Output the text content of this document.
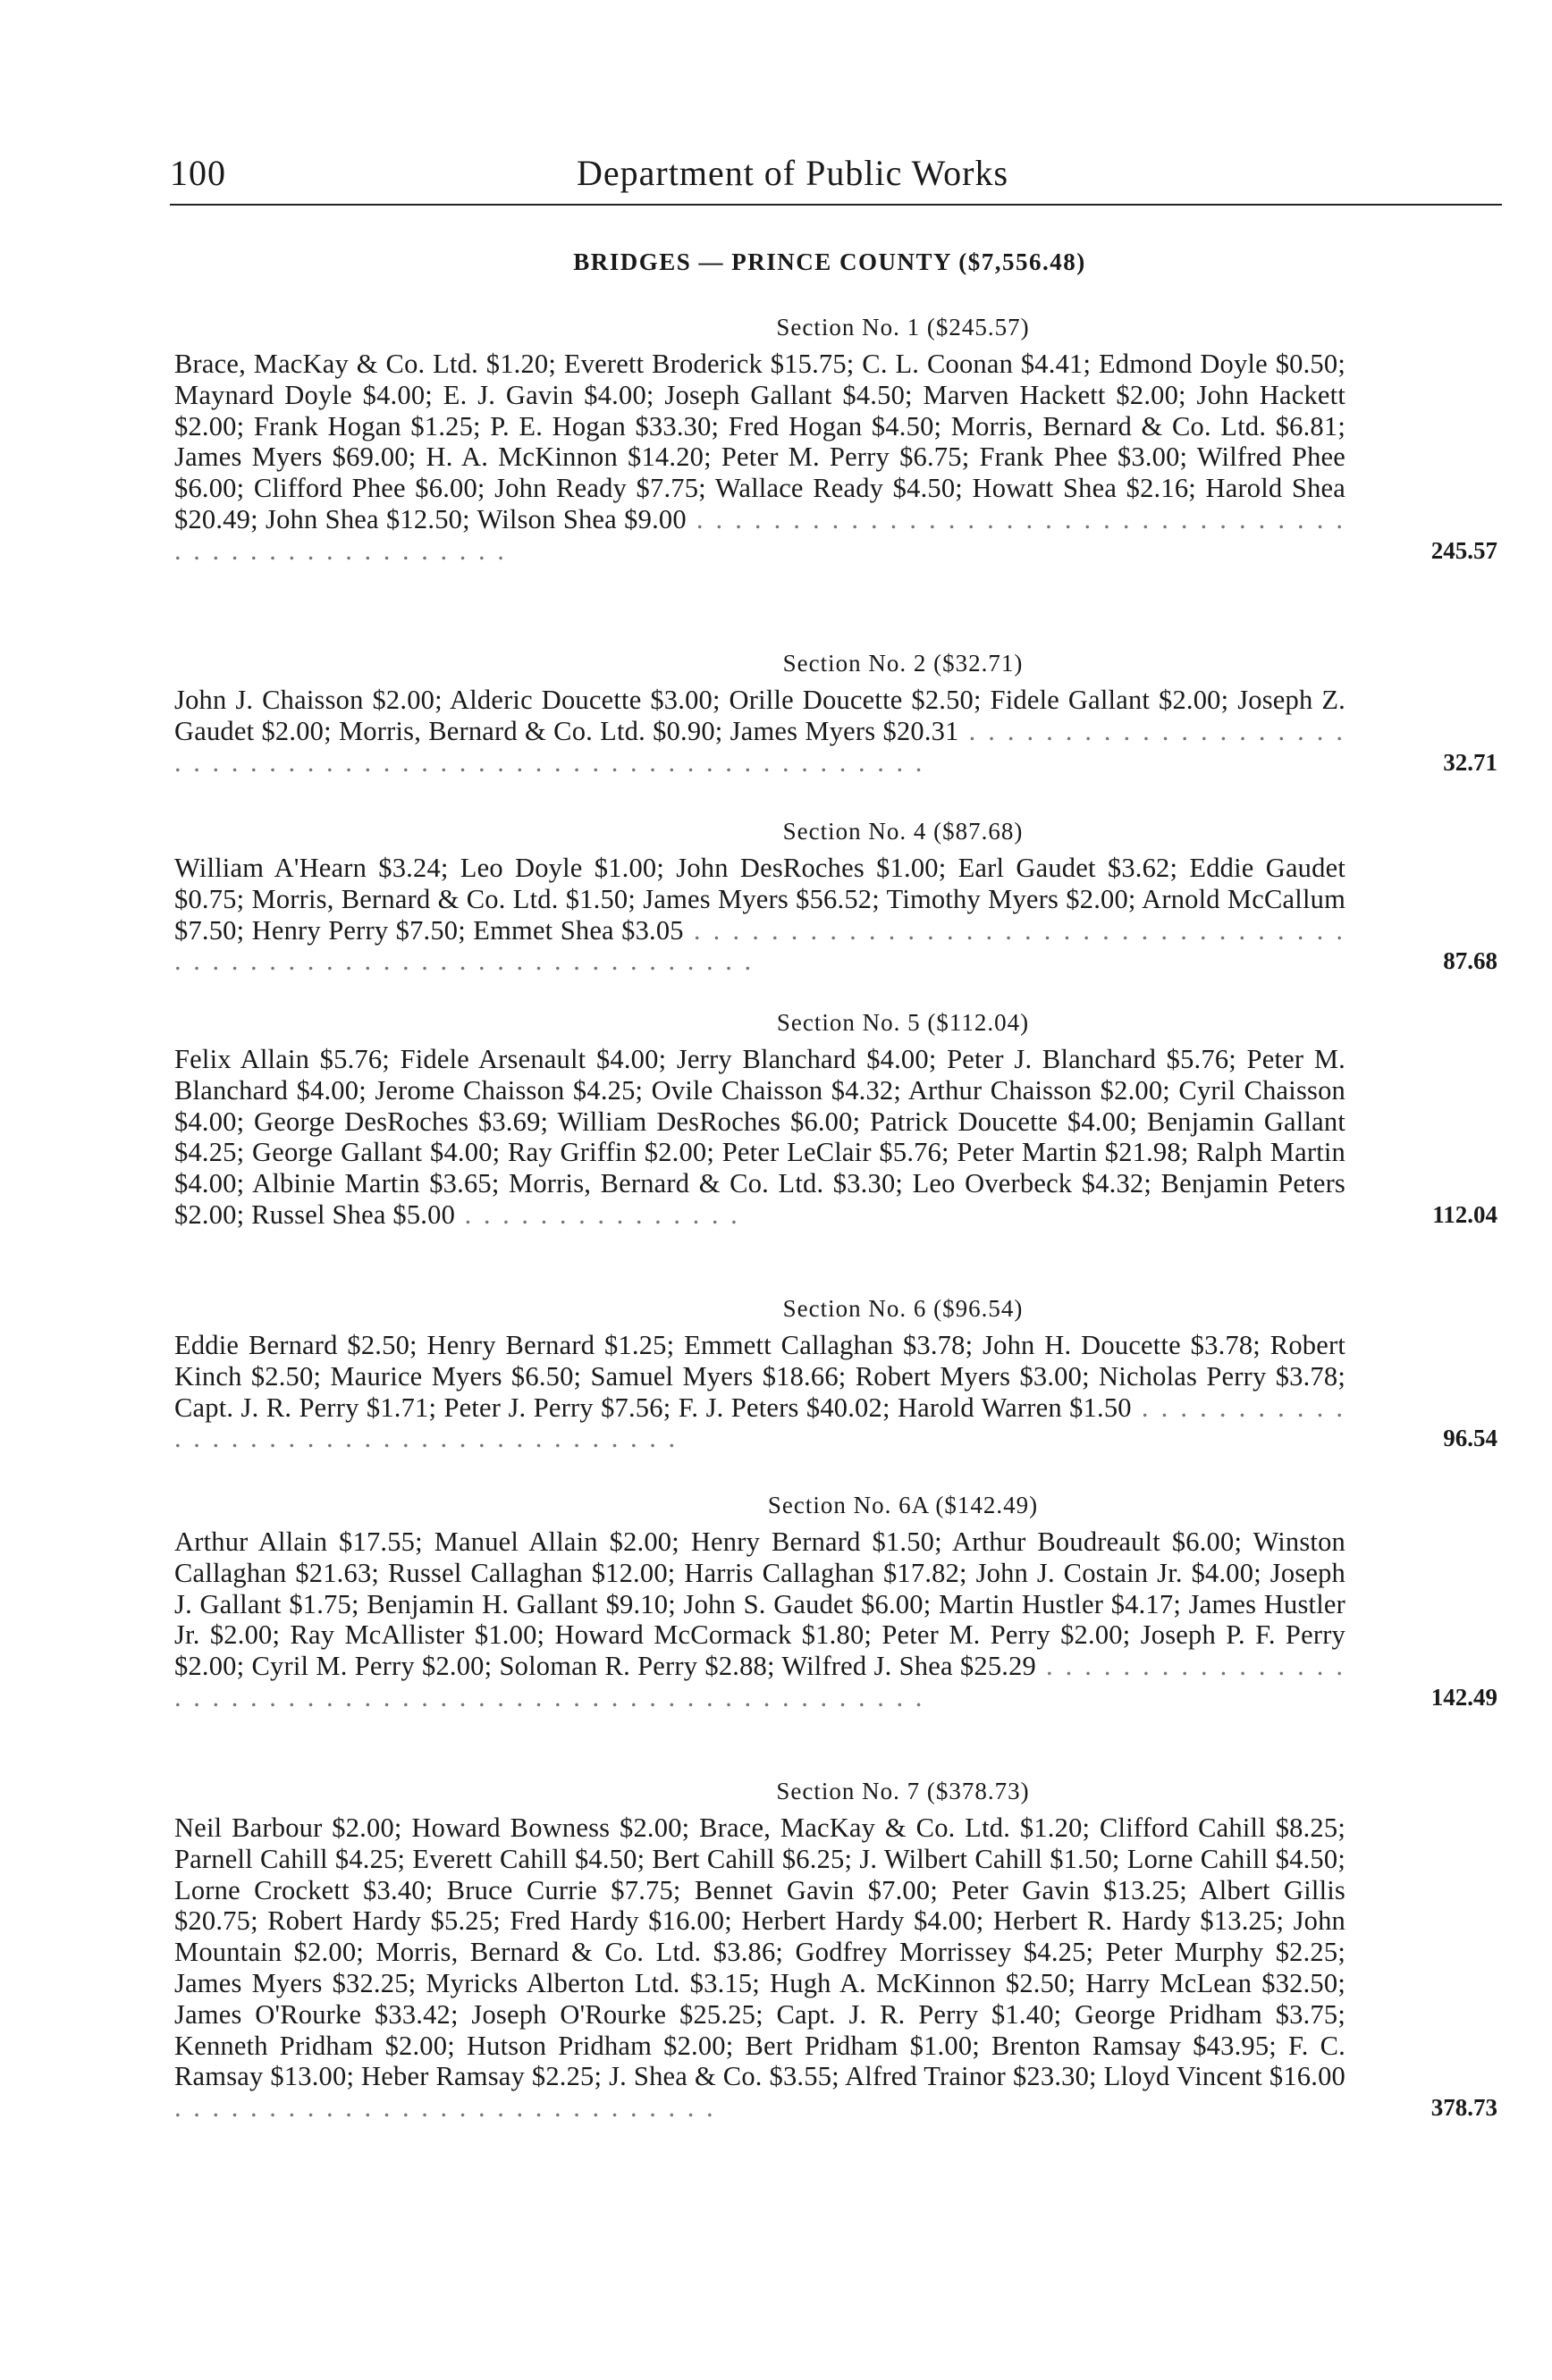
100	Department of Public Works
BRIDGES — PRINCE COUNTY ($7,556.48)
Section No. 1 ($245.57)
Brace, MacKay & Co. Ltd. $1.20; Everett Broderick $15.75; C. L. Coonan $4.41; Edmond Doyle $0.50; Maynard Doyle $4.00; E. J. Gavin $4.00; Joseph Gallant $4.50; Marven Hackett $2.00; John Hackett $2.00; Frank Hogan $1.25; P. E. Hogan $33.30; Fred Hogan $4.50; Morris, Bernard & Co. Ltd. $6.81; James Myers $69.00; H. A. McKinnon $14.20; Peter M. Perry $6.75; Frank Phee $3.00; Wilfred Phee $6.00; Clifford Phee $6.00; John Ready $7.75; Wallace Ready $4.50; Howatt Shea $2.16; Harold Shea $20.49; John Shea $12.50; Wilson Shea $9.00 . . . . . . . . . . . . . . . . . . . . . . . . . . . . . . . . . . . . . . . . . . . . . . . . . . . .	245.57
Section No. 2 ($32.71)
John J. Chaisson $2.00; Alderic Doucette $3.00; Orille Doucette $2.50; Fidele Gallant $2.00; Joseph Z. Gaudet $2.00; Morris, Bernard & Co. Ltd. $0.90; James Myers $20.31 . . . . . . . . . . . . . . . . . . . . . . . . . . . . . . . . . . . . . . . . . . . . . . . . . . . . . . . . . . . .	32.71
Section No. 4 ($87.68)
William A'Hearn $3.24; Leo Doyle $1.00; John DesRoches $1.00; Earl Gaudet $3.62; Eddie Gaudet $0.75; Morris, Bernard & Co. Ltd. $1.50; James Myers $56.52; Timothy Myers $2.00; Arnold McCallum $7.50; Henry Perry $7.50; Emmet Shea $3.05 . . . . . . . . . . . . . . . . . . . . . . . . . . . . . . . . . . . . . . . . . . . . . . . . . . . . . . . . . . . . . . . . .	87.68
Section No. 5 ($112.04)
Felix Allain $5.76; Fidele Arsenault $4.00; Jerry Blanchard $4.00; Peter J. Blanchard $5.76; Peter M. Blanchard $4.00; Jerome Chaisson $4.25; Ovile Chaisson $4.32; Arthur Chaisson $2.00; Cyril Chaisson $4.00; George DesRoches $3.69; William DesRoches $6.00; Patrick Doucette $4.00; Benjamin Gallant $4.25; George Gallant $4.00; Ray Griffin $2.00; Peter LeClair $5.76; Peter Martin $21.98; Ralph Martin $4.00; Albinie Martin $3.65; Morris, Bernard & Co. Ltd. $3.30; Leo Overbeck $4.32; Benjamin Peters $2.00; Russel Shea $5.00 . . . . . . . . . . . . . . .	112.04
Section No. 6 ($96.54)
Eddie Bernard $2.50; Henry Bernard $1.25; Emmett Callaghan $3.78; John H. Doucette $3.78; Robert Kinch $2.50; Maurice Myers $6.50; Samuel Myers $18.66; Robert Myers $3.00; Nicholas Perry $3.78; Capt. J. R. Perry $1.71; Peter J. Perry $7.56; F. J. Peters $40.02; Harold Warren $1.50 . . . . . . . . . . . . . . . . . . . . . . . . . . . . . . . . . . . . . .	96.54
Section No. 6A ($142.49)
Arthur Allain $17.55; Manuel Allain $2.00; Henry Bernard $1.50; Arthur Boudreault $6.00; Winston Callaghan $21.63; Russel Callaghan $12.00; Harris Callaghan $17.82; John J. Costain Jr. $4.00; Joseph J. Gallant $1.75; Benjamin H. Gallant $9.10; John S. Gaudet $6.00; Martin Hustler $4.17; James Hustler Jr. $2.00; Ray McAllister $1.00; Howard McCormack $1.80; Peter M. Perry $2.00; Joseph P. F. Perry $2.00; Cyril M. Perry $2.00; Soloman R. Perry $2.88; Wilfred J. Shea $25.29 . . . . . . . . . . . . . . . . . . . . . . . . . . . . . . . . . . . . . . . . . . . . . . . . . . . . . . . .	142.49
Section No. 7 ($378.73)
Neil Barbour $2.00; Howard Bowness $2.00; Brace, MacKay & Co. Ltd. $1.20; Clifford Cahill $8.25; Parnell Cahill $4.25; Everett Cahill $4.50; Bert Cahill $6.25; J. Wilbert Cahill $1.50; Lorne Cahill $4.50; Lorne Crockett $3.40; Bruce Currie $7.75; Bennet Gavin $7.00; Peter Gavin $13.25; Albert Gillis $20.75; Robert Hardy $5.25; Fred Hardy $16.00; Herbert Hardy $4.00; Herbert R. Hardy $13.25; John Mountain $2.00; Morris, Bernard & Co. Ltd. $3.86; Godfrey Morrissey $4.25; Peter Murphy $2.25; James Myers $32.25; Myricks Alberton Ltd. $3.15; Hugh A. McKinnon $2.50; Harry McLean $32.50; James O'Rourke $33.42; Joseph O'Rourke $25.25; Capt. J. R. Perry $1.40; George Pridham $3.75; Kenneth Pridham $2.00; Hutson Pridham $2.00; Bert Pridham $1.00; Brenton Ramsay $43.95; F. C. Ramsay $13.00; Heber Ramsay $2.25; J. Shea & Co. $3.55; Alfred Trainor $23.30; Lloyd Vincent $16.00 . . . . . . . . . . . . . . . . . . . . . . . . . . . . .	378.73
